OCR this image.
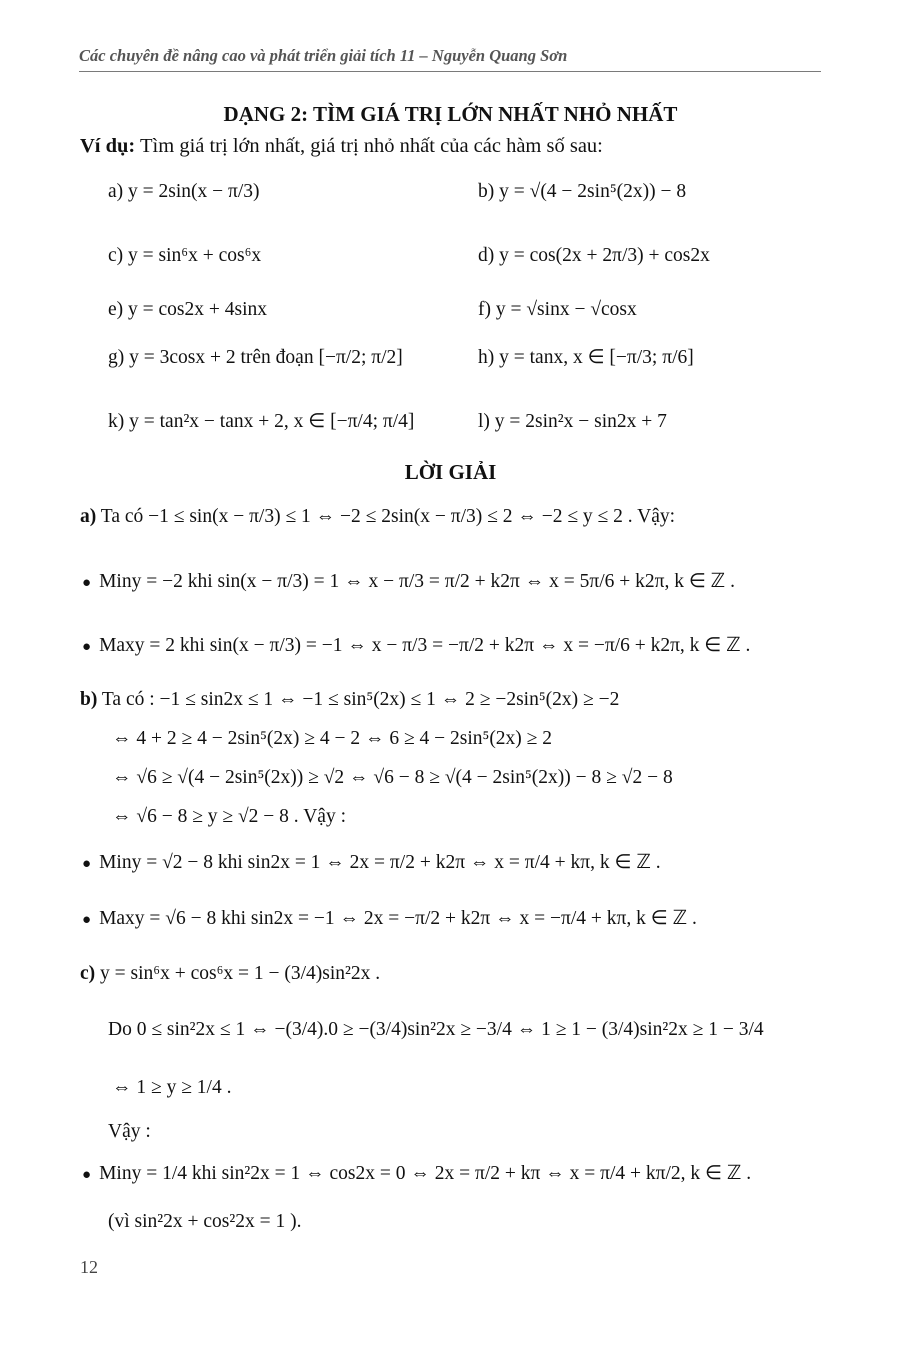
Các chuyên đề nâng cao và phát triển giải tích 11 – Nguyễn Quang Sơn
DẠNG 2: TÌM GIÁ TRỊ LỚN NHẤT NHỎ NHẤT
Ví dụ: Tìm giá trị lớn nhất, giá trị nhỏ nhất của các hàm số sau:
a) y = 2sin(x − π/3)	b) y = √(4 − 2sin⁵(2x)) − 8
c) y = sin⁶x + cos⁶x	d) y = cos(2x + 2π/3) + cos2x
e) y = cos2x + 4sinx	f) y = √sinx − √cosx
g) y = 3cosx + 2 trên đoạn [−π/2; π/2]	h) y = tanx, x ∈ [−π/3; π/6]
k) y = tan²x − tanx + 2, x ∈ [−π/4; π/4]	l) y = 2sin²x − sin2x + 7
LỜI GIẢI
a) Ta có −1 ≤ sin(x − π/3) ≤ 1 ⇔ −2 ≤ 2sin(x − π/3) ≤ 2 ⇔ −2 ≤ y ≤ 2 . Vậy:
● Miny = −2 khi sin(x − π/3) = 1 ⇔ x − π/3 = π/2 + k2π ⇔ x = 5π/6 + k2π, k ∈ ℤ .
● Maxy = 2 khi sin(x − π/3) = −1 ⇔ x − π/3 = −π/2 + k2π ⇔ x = −π/6 + k2π, k ∈ ℤ .
b) Ta có : −1 ≤ sin2x ≤ 1 ⇔ −1 ≤ sin⁵(2x) ≤ 1 ⇔ 2 ≥ −2sin⁵(2x) ≥ −2
⇔ 4 + 2 ≥ 4 − 2sin⁵(2x) ≥ 4 − 2 ⇔ 6 ≥ 4 − 2sin⁵(2x) ≥ 2
⇔ √6 ≥ √(4 − 2sin⁵(2x)) ≥ √2 ⇔ √6 − 8 ≥ √(4 − 2sin⁵(2x)) − 8 ≥ √2 − 8
⇔ √6 − 8 ≥ y ≥ √2 − 8 . Vậy :
● Miny = √2 − 8 khi sin2x = 1 ⇔ 2x = π/2 + k2π ⇔ x = π/4 + kπ, k ∈ ℤ .
● Maxy = √6 − 8 khi sin2x = −1 ⇔ 2x = −π/2 + k2π ⇔ x = −π/4 + kπ, k ∈ ℤ .
c) y = sin⁶x + cos⁶x = 1 − (3/4)sin²2x .
Do 0 ≤ sin²2x ≤ 1 ⇔ −(3/4).0 ≥ −(3/4)sin²2x ≥ −3/4 ⇔ 1 ≥ 1 − (3/4)sin²2x ≥ 1 − 3/4
⇔ 1 ≥ y ≥ 1/4 .
Vậy :
● Miny = 1/4 khi sin²2x = 1 ⇔ cos2x = 0 ⇔ 2x = π/2 + kπ ⇔ x = π/4 + kπ/2, k ∈ ℤ .
(vì sin²2x + cos²2x = 1 ).
12
